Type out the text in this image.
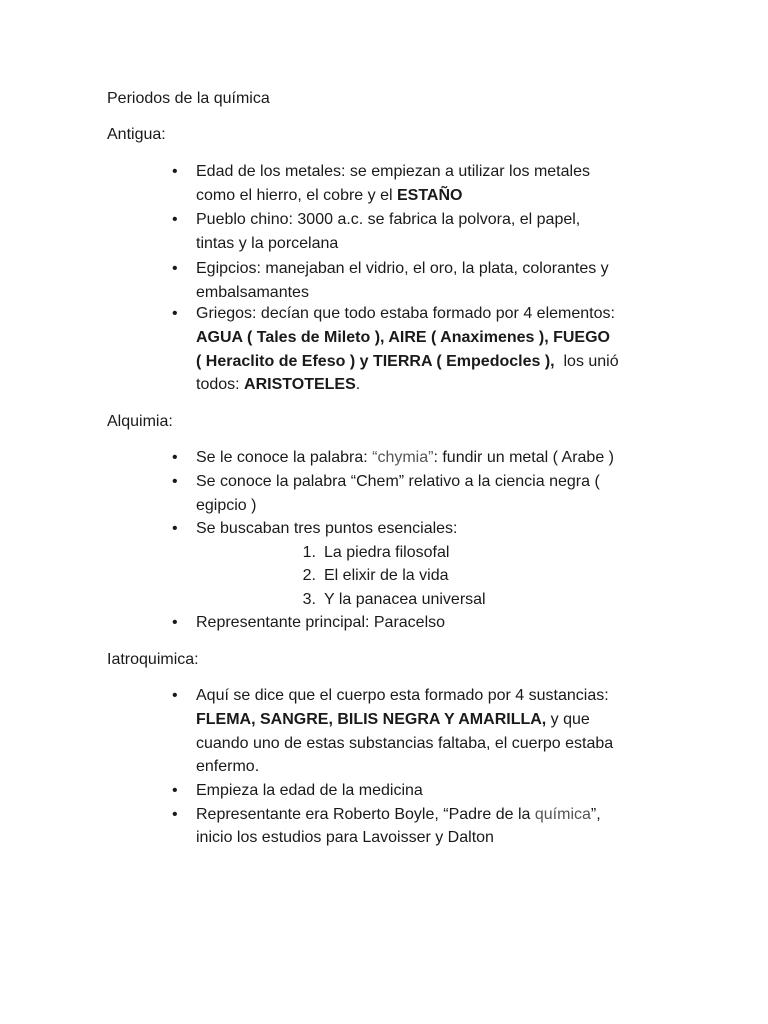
Periodos de la química
Antigua:
• Edad de los metales: se empiezan a utilizar los metales
como el hierro, el cobre y el ESTAÑO
• Pueblo chino: 3000 a.c. se fabrica la polvora, el papel,
tintas y la porcelana
• Egipcios: manejaban el vidrio, el oro, la plata, colorantes y
embalsamantes
• Griegos: decían que todo estaba formado por 4 elementos:
AGUA ( Tales de Mileto ), AIRE ( Anaximenes ), FUEGO
( Heraclito de Efeso ) y TIERRA ( Empedocles ),  los unió
todos: ARISTOTELES.
Alquimia:
• Se le conoce la palabra: “chymia”: fundir un metal ( Arabe )
• Se conoce la palabra “Chem” relativo a la ciencia negra (
egipcio )
• Se buscaban tres puntos esenciales:
1. La piedra filosofal
2. El elixir de la vida
3. Y la panacea universal
• Representante principal: Paracelso
Iatroquimica:
• Aquí se dice que el cuerpo esta formado por 4 sustancias:
FLEMA, SANGRE, BILIS NEGRA Y AMARILLA, y que
cuando uno de estas substancias faltaba, el cuerpo estaba
enfermo.
• Empieza la edad de la medicina
• Representante era Roberto Boyle, “Padre de la química”,
inicio los estudios para Lavoisser y Dalton
